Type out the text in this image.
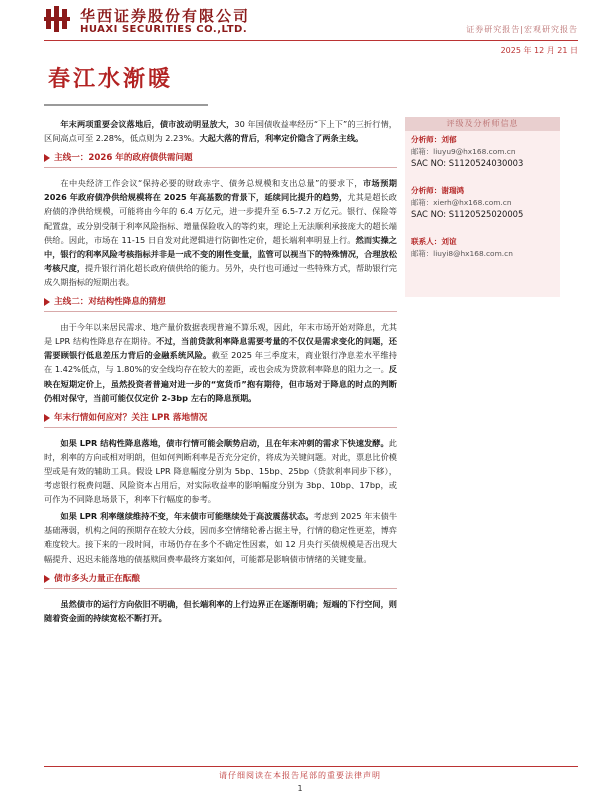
华西证券股份有限公司
HUAXI SECURITIES CO.,LTD.	证券研究报告|宏观研究报告
2025 年 12 月 21 日
春江水渐暖

年末两项重要会议落地后，债市波动明显放大，30 年国债收益率经历“下上下”的三折行情，区间高点可至 2.28%，低点则为 2.23%。大起大落的背后，利率定价隐含了两条主线。

主线一：2026 年的政府债供需问题

在中央经济工作会议“保持必要的财政赤字、债务总规模和支出总量”的要求下，市场预期 2026 年政府债净供给规模将在 2025 年高基数的背景下，延续同比提升的趋势，尤其是超长政府债的净供给规模，可能将由今年的 6.4 万亿元，进一步提升至 6.5-7.2 万亿元。银行、保险等配置盘，或分别受制于利率风险指标、增量保险收入的等约束，理论上无法顺利承接庞大的超长端供给。因此，市场在 11-15 日自发对此逻辑进行防御性定价，超长端利率明显上行。然而实操之中，银行的利率风险考核指标并非是一成不变的刚性变量，监管可以视当下的特殊情况，合理放松考核尺度，提升银行消化超长政府债供给的能力。另外，央行也可通过一些特殊方式，帮助银行完成久期指标的短期出表。

主线二：对结构性降息的猜想

由于今年以来居民需求、地产量价数据表现普遍不算乐观，因此，年末市场开始对降息，尤其是 LPR 结构性降息存在期待。不过，当前贷款利率降息需要考量的不仅仅是需求变化的问题，还需要顾银行低息差压力背后的金融系统风险。截至 2025 年三季度末，商业银行净息差水平维持在 1.42%低点，与 1.80%的安全线均存在较大的差距，或也会成为贷款利率降息的阻力之一。反映在短期定价上，虽然投资者普遍对进一步的“宽货币”抱有期待，但市场对于降息的时点的判断仍相对保守，当前可能仅仅定价 2-3bp 左右的降息预期。

年末行情如何应对？关注 LPR 落地情况

如果 LPR 结构性降息落地，债市行情可能会顺势启动，且在年末冲刺的需求下快速发酵。此时，利率的方向或相对明朗，但如何判断利率是否充分定价，将成为关键问题。对此，票息比价模型或是有效的辅助工具。假设 LPR 降息幅度分别为 5bp、15bp、25bp（贷款利率同步下移），考虑银行税费问题、风险资本占用后，对实际收益率的影响幅度分别为 3bp、10bp、17bp，或可作为不同降息场景下，利率下行幅度的参考。

如果 LPR 利率继续维持不变，年末债市可能继续处于高波震荡状态。考虑到 2025 年末债牛基础薄弱，机构之间的预期存在较大分歧，因而多空情绪轮番占据主导，行情的稳定性更差，博弈难度较大。接下来的一段时间，市场仍存在多个不确定性因素，如 12 月央行买债规模是否出现大幅提升、迟迟未能落地的债基赎回费率最终方案如何，可能都是影响债市情绪的关键变量。

债市多头力量正在酝酿

虽然债市的运行方向依旧不明确，但长端利率的上行边界正在逐渐明确；短端的下行空间，则随着资金面的持续宽松不断打开。

评级及分析师信息
分析师：刘郁
邮箱：liuyu9@hx168.com.cn
SAC NO: S1120524030003
分析师：谢瑞鸿
邮箱：xierh@hx168.com.cn
SAC NO: S1120525020005
联系人：刘谊
邮箱：liuyi8@hx168.com.cn
请仔细阅读在本报告尾部的重要法律声明
1
